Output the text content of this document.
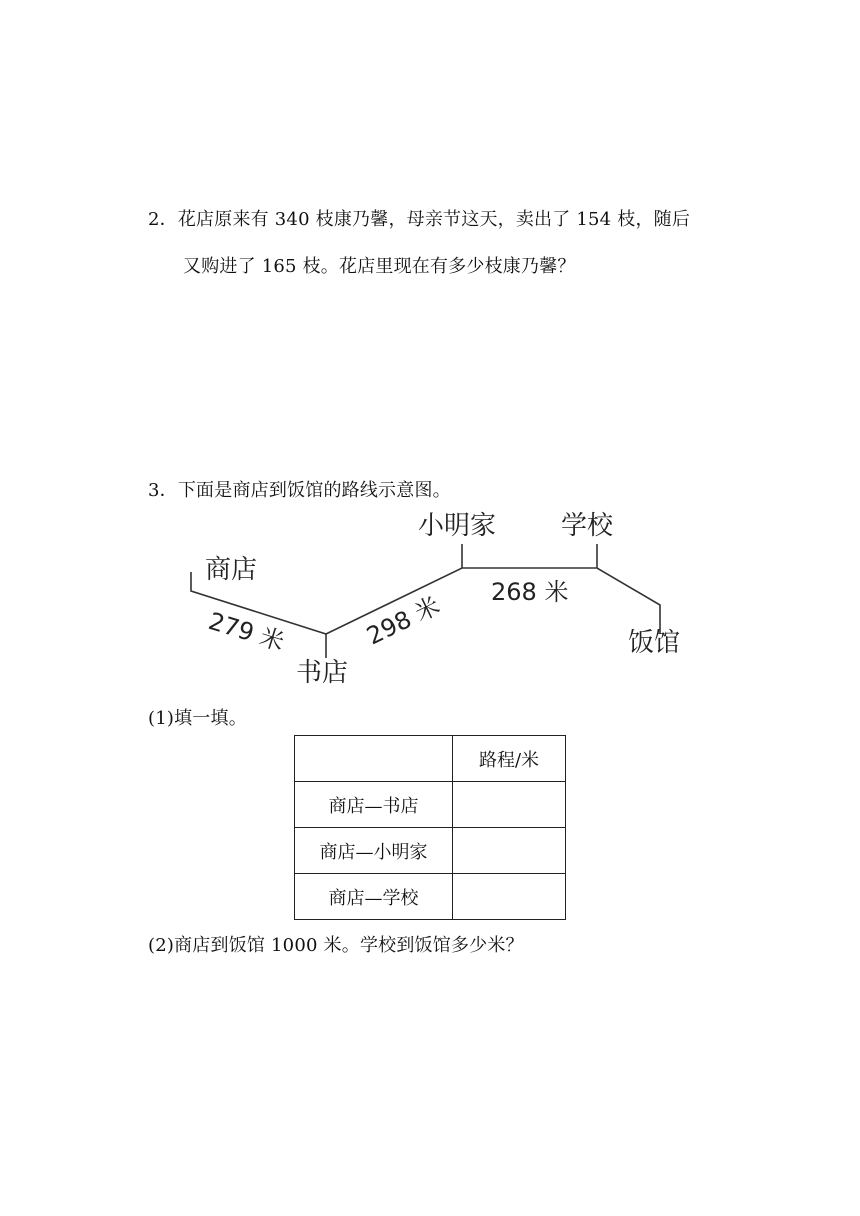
2．花店原来有 340 枝康乃馨，母亲节这天，卖出了 154 枝，随后
又购进了 165 枝。花店里现在有多少枝康乃馨？
3．下面是商店到饭馆的路线示意图。
商店
书店
小明家 学校
饭馆
279 米	298 米 268 米
(1)填一填。
	路程/米
商店—书店	
商店—小明家	
商店—学校	
(2)商店到饭馆 1000 米。学校到饭馆多少米？
